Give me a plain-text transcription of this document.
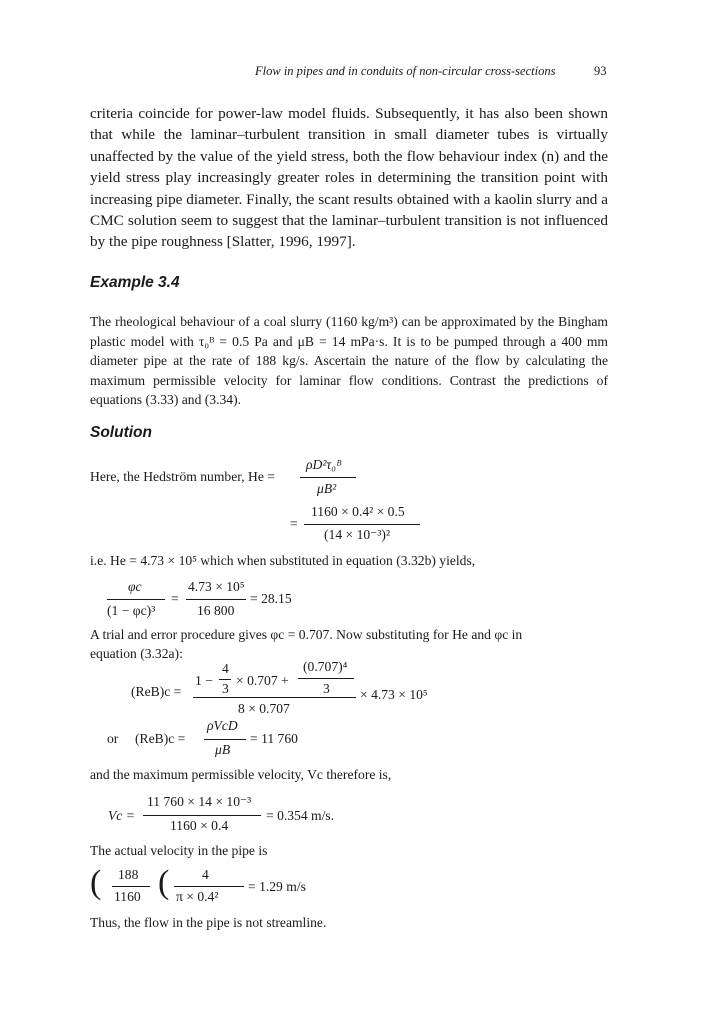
Flow in pipes and in conduits of non-circular cross-sections	93
criteria coincide for power-law model fluids. Subsequently, it has also been shown that while the laminar–turbulent transition in small diameter tubes is virtually unaffected by the value of the yield stress, both the flow behaviour index (n) and the yield stress play increasingly greater roles in determining the transition point with increasing pipe diameter. Finally, the scant results obtained with a kaolin slurry and a CMC solution seem to suggest that the laminar–turbulent transition is not influenced by the pipe roughness [Slatter, 1996, 1997].
Example 3.4
The rheological behaviour of a coal slurry (1160 kg/m³) can be approximated by the Bingham plastic model with τ₀ᴮ = 0.5 Pa and μB = 14 mPa·s. It is to be pumped through a 400 mm diameter pipe at the rate of 188 kg/s. Ascertain the nature of the flow by calculating the maximum permissible velocity for laminar flow conditions. Contrast the predictions of equations (3.33) and (3.34).
Solution
Here, the Hedström number, He =
ρD²τ₀ᴮ
μB²
=
1160 × 0.4² × 0.5
(14 × 10⁻³)²
i.e. He = 4.73 × 10⁵ which when substituted in equation (3.32b) yields,
φc
(1 − φc)³
=
4.73 × 10⁵
16 800
= 28.15
A trial and error procedure gives φc = 0.707. Now substituting for He and φc in
equation (3.32a):
(ReB)c =
1 −
4
3
× 0.707 +
(0.707)⁴
3
8 × 0.707
× 4.73 × 10⁵
or (ReB)c =
ρVcD
μB
= 11 760
and the maximum permissible velocity, Vc therefore is,
Vc =
11 760 × 14 × 10⁻³
1160 × 0.4
= 0.354 m/s.
The actual velocity in the pipe is
( 188
1160 ( 4
π × 0.4²
= 1.29 m/s
Thus, the flow in the pipe is not streamline.
